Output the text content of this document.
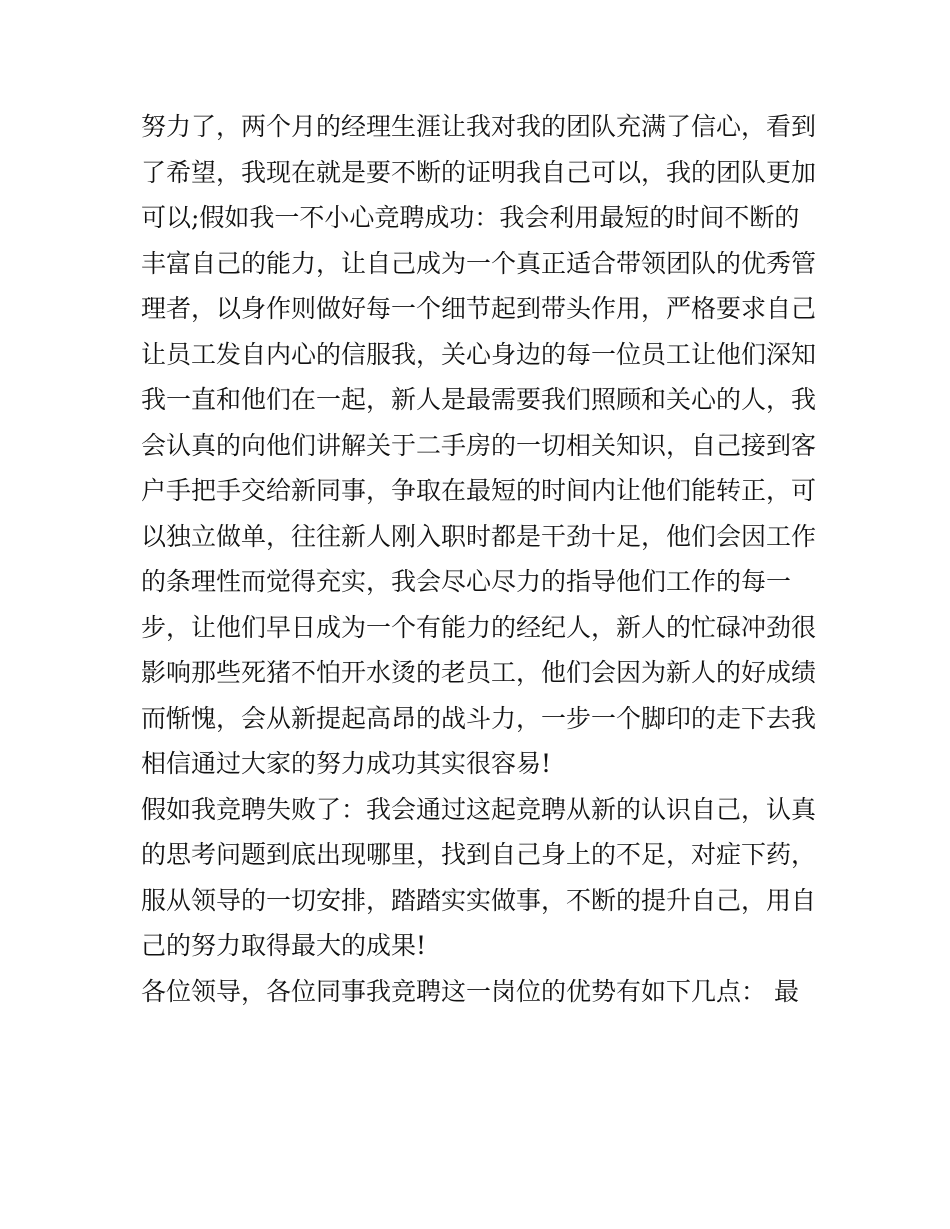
努力了，两个月的经理生涯让我对我的团队充满了信心，看到
了希望，我现在就是要不断的证明我自己可以，我的团队更加
可以;假如我一不小心竞聘成功：我会利用最短的时间不断的
丰富自己的能力，让自己成为一个真正适合带领团队的优秀管
理者，以身作则做好每一个细节起到带头作用，严格要求自己
让员工发自内心的信服我，关心身边的每一位员工让他们深知
我一直和他们在一起，新人是最需要我们照顾和关心的人，我
会认真的向他们讲解关于二手房的一切相关知识，自己接到客
户手把手交给新同事，争取在最短的时间内让他们能转正，可
以独立做单，往往新人刚入职时都是干劲十足，他们会因工作
的条理性而觉得充实，我会尽心尽力的指导他们工作的每一
步，让他们早日成为一个有能力的经纪人，新人的忙碌冲劲很
影响那些死猪不怕开水烫的老员工，他们会因为新人的好成绩
而惭愧，会从新提起高昂的战斗力，一步一个脚印的走下去我
相信通过大家的努力成功其实很容易!
假如我竞聘失败了：我会通过这起竞聘从新的认识自己，认真
的思考问题到底出现哪里，找到自己身上的不足，对症下药，
服从领导的一切安排，踏踏实实做事，不断的提升自己，用自
己的努力取得最大的成果!
各位领导，各位同事我竞聘这一岗位的优势有如下几点： 最
